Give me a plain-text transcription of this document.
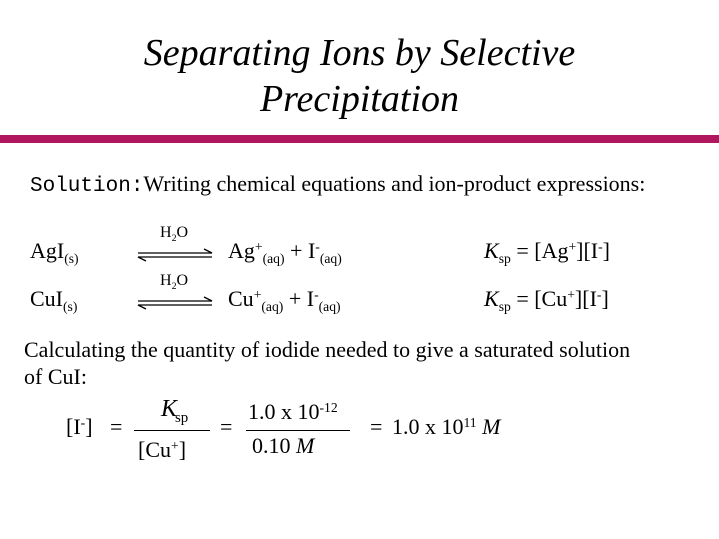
Separating Ions by Selective
Precipitation
Solution:Writing chemical equations and ion-product expressions:
AgI$_{(s)}$
$H_2O$
$Ag^+_{(aq)} + I^-_{(aq)}$	$K_{sp} = [Ag^+][I^-]$
CuI$_{(s)}$
$H_2O$
$Cu^+_{(aq)} + I^-_{(aq)}$	$K_{sp} = [Cu^+][I^-]$
Calculating the quantity of iodide needed to give a saturated solution
of CuI:
[I-] =
$K_{sp}$
[Cu+]
=
1.0 x $10^{-12}$
0.10 M
= 1.0 x $10^{11}$ M
